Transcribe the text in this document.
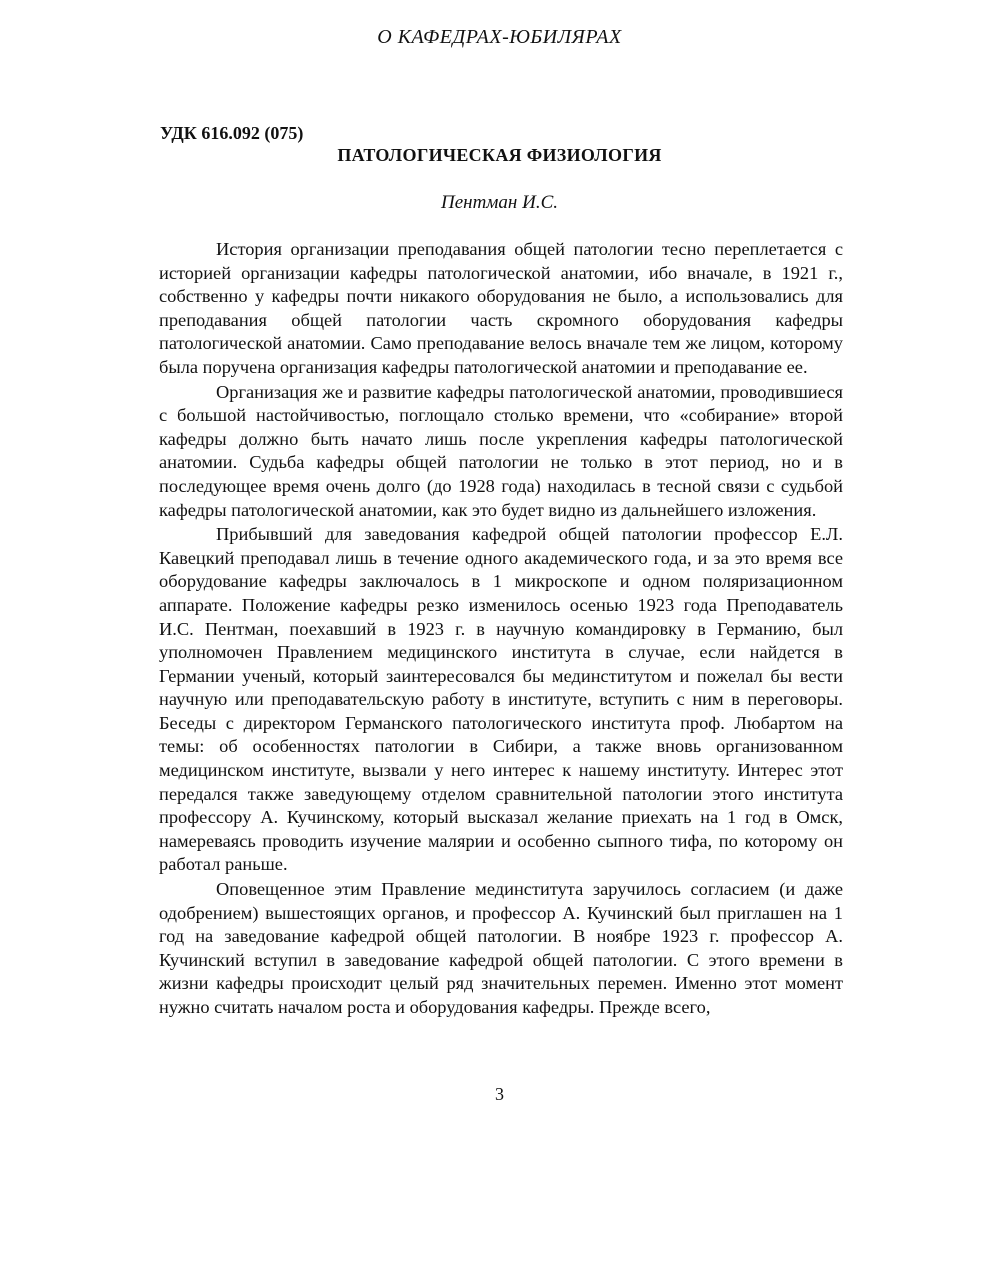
О КАФЕДРАХ-ЮБИЛЯРАХ
УДК 616.092 (075)
ПАТОЛОГИЧЕСКАЯ ФИЗИОЛОГИЯ
Пентман И.С.

История организации преподавания общей патологии тесно переплетается с историей организации кафедры патологической анатомии, ибо вначале, в 1921 г., собственно у кафедры почти никакого оборудования не было, а использовались для преподавания общей патологии часть скромного оборудования кафедры патологической анатомии. Само преподавание велось вначале тем же лицом, которому была поручена организация кафедры патологической анатомии и преподавание ее.

Организация же и развитие кафедры патологической анатомии, проводившиеся с большой настойчивостью, поглощало столько времени, что «собирание» второй кафедры должно быть начато лишь после укрепления кафедры патологической анатомии. Судьба кафедры общей патологии не только в этот период, но и в последующее время очень долго (до 1928 года) находилась в тесной связи с судьбой кафедры патологической анатомии, как это будет видно из дальнейшего изложения.

Прибывший для заведования кафедрой общей патологии профессор Е.Л. Кавецкий преподавал лишь в течение одного академического года, и за это время все оборудование кафедры заключалось в 1 микроскопе и одном поляризационном аппарате. Положение кафедры резко изменилось осенью 1923 года Преподаватель И.С. Пентман, поехавший в 1923 г. в научную командировку в Германию, был уполномочен Правлением медицинского института в случае, если найдется в Германии ученый, который заинтересовался бы мединститутом и пожелал бы вести научную или преподавательскую работу в институте, вступить с ним в переговоры. Беседы с директором Германского патологического института проф. Любартом на темы: об особенностях патологии в Сибири, а также вновь организованном медицинском институте, вызвали у него интерес к нашему институту. Интерес этот передался также заведующему отделом сравнительной патологии этого института профессору А. Кучинскому, который высказал желание приехать на 1 год в Омск, намереваясь проводить изучение малярии и особенно сыпного тифа, по которому он работал раньше.

Оповещенное этим Правление мединститута заручилось согласием (и даже одобрением) вышестоящих органов, и профессор А. Кучинский был приглашен на 1 год на заведование кафедрой общей патологии. В ноябре 1923 г. профессор А. Кучинский вступил в заведование кафедрой общей патологии. С этого времени в жизни кафедры происходит целый ряд значительных перемен. Именно этот момент нужно считать началом роста и оборудования кафедры. Прежде всего,

3
